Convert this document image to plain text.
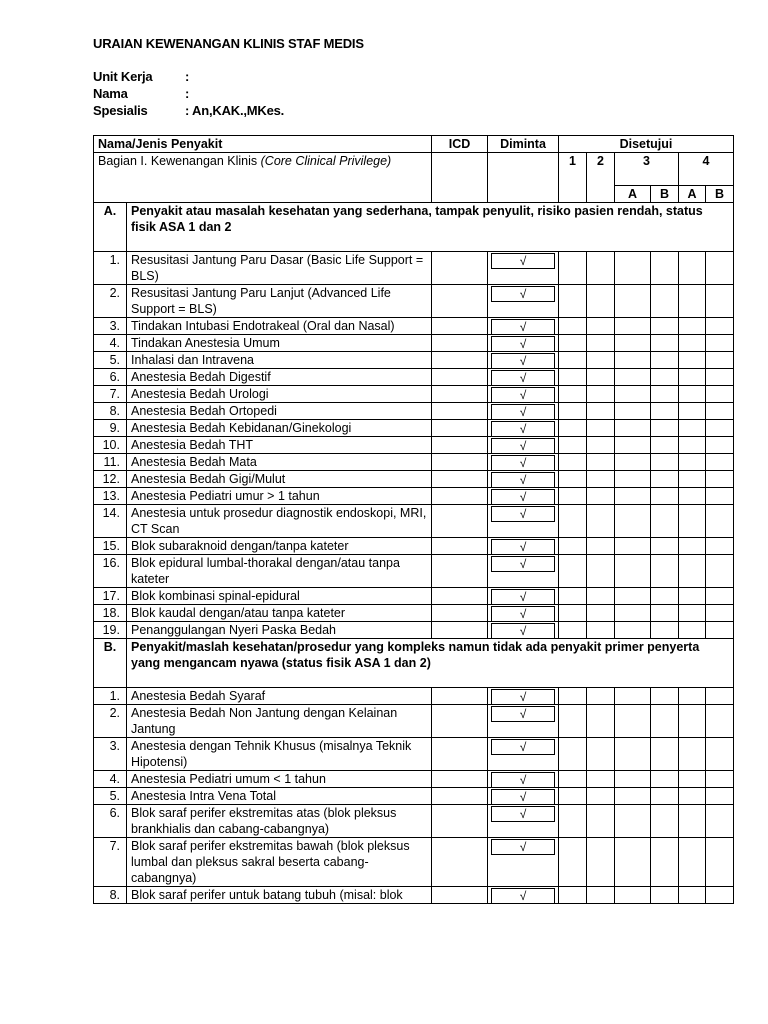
URAIAN KEWENANGAN KLINIS STAF MEDIS
Unit Kerja	:
Nama	:
Spesialis	: An,KAK.,MKes.
Nama/Jenis Penyakit		ICD	Diminta	Disetujui					
Bagian I. Kewenangan Klinis (Core Clinical Privilege)				1	2	3		4	
						A	B	A	B
A.	Penyakit atau masalah kesehatan yang sederhana, tampak penyulit, risiko pasien rendah, status fisik ASA 1 dan 2								
1.	Resusitasi Jantung Paru Dasar (Basic Life Support = BLS)		√						

2.	Resusitasi Jantung Paru Lanjut (Advanced Life Support = BLS)		√						

3.	Tindakan Intubasi Endotrakeal (Oral dan Nasal)		√						

4.	Tindakan Anestesia Umum		√						

5.	Inhalasi dan Intravena		√						

6.	Anestesia Bedah Digestif		√						

7.	Anestesia Bedah Urologi		√						

8.	Anestesia Bedah Ortopedi		√						

9.	Anestesia Bedah Kebidanan/Ginekologi		√						

10.	Anestesia Bedah THT		√						

11.	Anestesia Bedah Mata		√						

12.	Anestesia Bedah Gigi/Mulut		√						

13.	Anestesia Pediatri umur > 1 tahun		√						

14.	Anestesia untuk prosedur diagnostik endoskopi, MRI, CT Scan		√						

15.	Blok subaraknoid dengan/tanpa kateter		√						

16.	Blok epidural lumbal-thorakal dengan/atau tanpa kateter		√						

17.	Blok kombinasi spinal-epidural		√						

18.	Blok kaudal dengan/atau tanpa kateter		√						

19.	Penanggulangan Nyeri Paska Bedah		√						

B.	Penyakit/maslah kesehatan/prosedur yang kompleks namun tidak ada penyakit primer penyerta yang mengancam nyawa (status fisik ASA 1 dan 2)								
1.	Anestesia Bedah Syaraf		√						

2.	Anestesia Bedah Non Jantung dengan Kelainan Jantung		√						

3.	Anestesia dengan Tehnik Khusus (misalnya Teknik Hipotensi)		√						

4.	Anestesia Pediatri umum < 1 tahun		√						

5.	Anestesia Intra Vena Total		√						

6.	Blok saraf perifer ekstremitas atas (blok pleksus brankhialis dan cabang-cabangnya)		√						

7.	Blok saraf perifer ekstremitas bawah (blok pleksus lumbal dan pleksus sakral beserta cabang-cabangnya)		√						

8.	Blok saraf perifer untuk batang tubuh (misal: blok		√						
